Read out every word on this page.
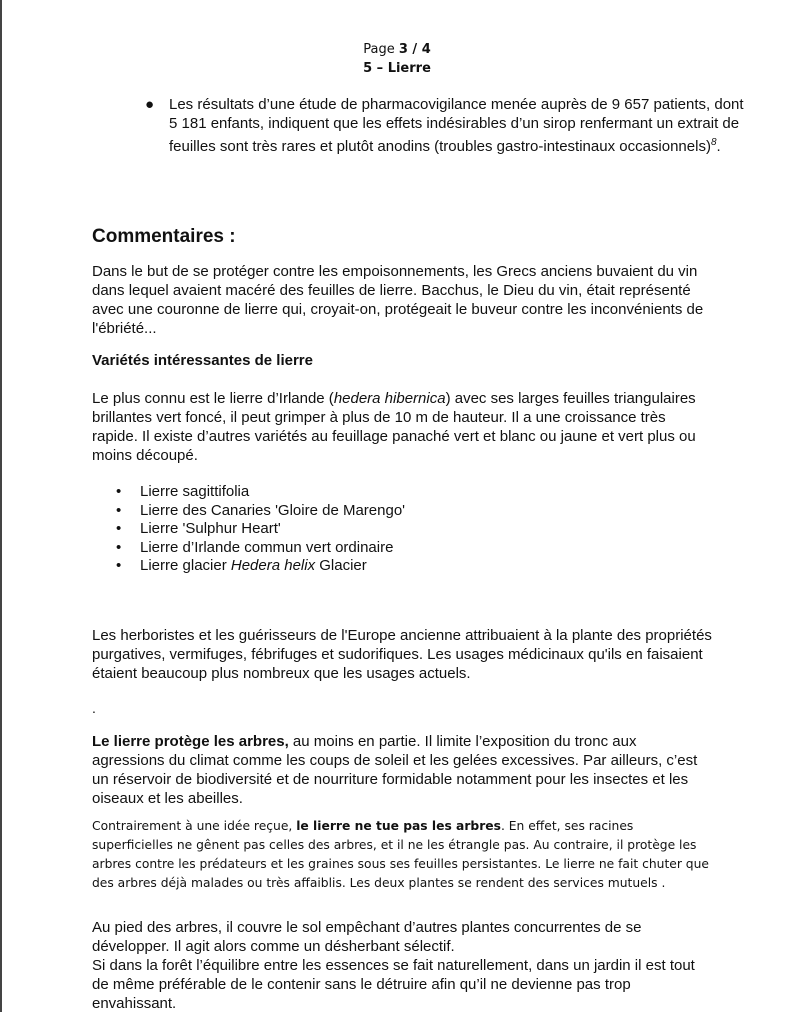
Page 3 / 4
5 – Lierre
● Les résultats d’une étude de pharmacovigilance menée auprès de 9 657 patients, dont 5 181 enfants, indiquent que les effets indésirables d’un sirop renfermant un extrait de feuilles sont très rares et plutôt anodins (troubles gastro-intestinaux occasionnels)$^8$.
Commentaires :
Dans le but de se protéger contre les empoisonnements, les Grecs anciens buvaient du vin dans lequel avaient macéré des feuilles de lierre. Bacchus, le Dieu du vin, était représenté avec une couronne de lierre qui, croyait-on, protégeait le buveur contre les inconvénients de l'ébriété...
Variétés intéressantes de lierre
Le plus connu est le lierre d’Irlande (hedera hibernica) avec ses larges feuilles triangulaires brillantes vert foncé, il peut grimper à plus de 10 m de hauteur. Il a une croissance très rapide. Il existe d’autres variétés au feuillage panaché vert et blanc ou jaune et vert plus ou moins découpé.
• Lierre sagittifolia
• Lierre des Canaries 'Gloire de Marengo'
• Lierre 'Sulphur Heart'
• Lierre d’Irlande commun vert ordinaire
• Lierre glacier Hedera helix Glacier
Les herboristes et les guérisseurs de l'Europe ancienne attribuaient à la plante des propriétés purgatives, vermifuges, fébrifuges et sudorifiques. Les usages médicinaux qu'ils en faisaient étaient beaucoup plus nombreux que les usages actuels.
.
Le lierre protège les arbres, au moins en partie. Il limite l’exposition du tronc aux agressions du climat comme les coups de soleil et les gelées excessives. Par ailleurs, c’est un réservoir de biodiversité et de nourriture formidable notamment pour les insectes et les oiseaux et les abeilles.
Contrairement à une idée reçue, le lierre ne tue pas les arbres. En effet, ses racines superficielles ne gênent pas celles des arbres, et il ne les étrangle pas. Au contraire, il protège les arbres contre les prédateurs et les graines sous ses feuilles persistantes. Le lierre ne fait chuter que des arbres déjà malades ou très affaiblis. Les deux plantes se rendent des services mutuels .
Au pied des arbres, il couvre le sol empêchant d’autres plantes concurrentes de se développer. Il agit alors comme un désherbant sélectif.
Si dans la forêt l’équilibre entre les essences se fait naturellement, dans un jardin il est tout de même préférable de le contenir sans le détruire afin qu’il ne devienne pas trop envahissant.
